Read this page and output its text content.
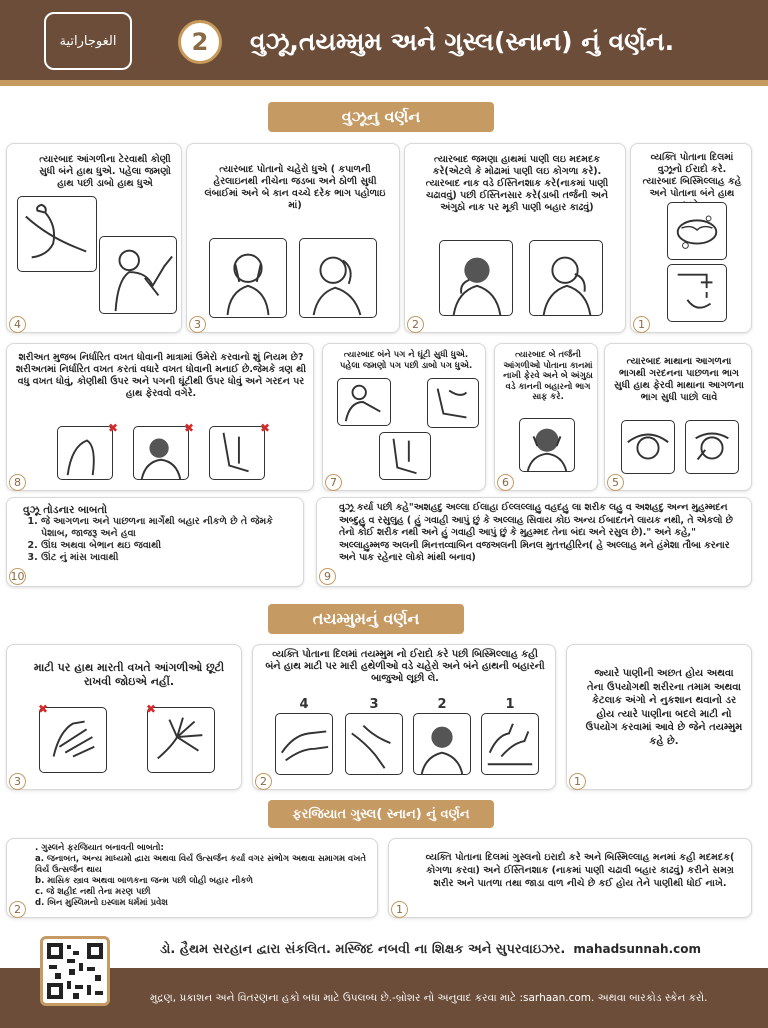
الغوجاراتية	2	વુઝૂ,તયમ્મુમ અને ગુસ્લ(સ્નાન) નું વર્ણન.
વુઝૂનુ વર્ણન
ત્યારબાદ આંગળીના ટેરવાથી કોણી સુધી બંને હાથ ધુએ. પહેલા જમણો હાથ પછી ડાબો હાથ ધુએ
4
ત્યારબાદ પોતાનો ચહેરો ધુએ ( કપાળની હેરલાઇનથી નીચેના જડબા અને ઠોળી સુધી લંબાઈમાં અને બે કાન વચ્ચે દરેક ભાગ પહોળાઇ માં)
3
ત્યારબાદ જમણા હાથમાં પાણી લઇ મદમદક કરે(એટલે કે મોઢામાં પાણી લઇ કોગળા કરે). ત્યારબાદ નાક વડે ઈસ્તિનશાક કરે(નાકમાં પાણી ચઢાવવું) પછી ઈસ્તિનસાર કરે(ડાબી તર્જની અને અંગુઠો નાક પર મૂકી પાણી બહાર કાઢવું)
2
વ્યક્તિ પોતાના દિલમાં વુઝૂનો ઈરાદો કરે. ત્યારબાદ બિસ્મિલ્લાહ કહે અને પોતાના બંને હાથ
1
શરીઅત મુજબ નિર્ધારિત વખત ધોવાની માત્રામાં ઉમેરો કરવાનો શું નિયમ છે? શરીઅતમાં નિર્ધારિત વખત કરતાં વધારે વખત ધોવાની મનાઈ છે.જેમકે ત્રણ થી વધુ વખત ધોવું, કોણીથી ઉપર અને પગની ઘૂંટીથી ઉપર ધોવું અને ગરદન પર હાથ ફેરવવો વગેરે.
✖	✖	✖
8
ત્યારબાદ બંને પગ ને ઘૂંટી સુધી ધુએ. પહેલા જમણો પગ પછી ડાબો પગ ધુએ.
7
ત્યારબાદ બે તર્જની આંગળીઓ પોતાના કાનમાં નાખી ફેરવે અને બે અંગુઠા વડે કાનની બહારનો ભાગ સાફ કરે.
6
ત્યારબાદ માથાના આગળના ભાગથી ગરદનના પાછળના ભાગ સુધી હાથ ફેરવી માથાના આગળના ભાગ સુધી પાછો લાવે
5
વુઝૂ તોડનાર બાબતો
1. જે આગળના અને પાછળના માર્ગેથી બહાર નીકળે છે તે જેમકે પેશાબ, જાજરૂ અને હવા
2. ઊંઘ અથવા બેભાન થઇ જવાથી
3. ઊંટ નું માંસ ખાવાથી
10
વુઝૂ કર્યા પછી કહે"અશહદુ અલ્લા ઈલાહા ઈલ્લલ્લાહુ વહદહુ લા શરીક લહુ વ અશહદુ અન્ન મુહમ્મદન અબ્દુહુ વ રસુલુહ ( હું ગવાહી આપું છું કે અલ્લાહ સિવાય કોઇ અન્ય ઈબાદતને લાયક નથી, તે એકલો છે તેનો કોઈ શરીક નથી અને હું ગવાહી આપું છું કે મુહમ્મદ તેના બંદા અને રસુલ છે)." અને કહે," અલ્લાહુમ્મજ અલની મિનત્તવ્વાબિન વજઅલની મિનલ મુતત્તહીરિન( હે અલ્લાહ મને હંમેશા તૌબા કરનાર અને પાક રહેનાર લોકો માંથી બનાવ)
9
તયમ્મુમનું વર્ણન
માટી પર હાથ મારતી વખતે આંગળીઓ છૂટી રાખવી જોઇએ નહીં.
✖	✖
3
વ્યક્તિ પોતાના દિલમાં તયમ્મુમ નો ઈરાદો કરે પછી બિસ્મિલ્લાહ કહી બંને હાથ માટી પર મારી હથેળીઓ વડે ચહેરો અને બંને હાથની બહારની બાજુઓ લૂછી લે.
4	3	2	1
2
જ્યારે પાણીની અછત હોય અથવા તેના ઉપયોગથી શરીરના તમામ અથવા કેટલાક અંગો ને નુકશાન થવાનો ડર હોય ત્યારે પાણીના બદલે માટી નો ઉપયોગ કરવામાં આવે છે જેને તયમ્મુમ કહે છે.
1
ફરજિયાત ગુસ્લ( સ્નાન) નું વર્ણન
. ગુસ્લને ફરજિયાત બનાવતી બાબતો:
a. જનાબત, અન્ય માધ્યમો દ્વારા અથવા વિર્ય ઉત્સર્જન કર્યા વગર સંભોગ અથવા સમાગમ વખતે વિર્ય ઉત્સર્જન થાય
b. માસિક સ્ત્રાવ અથવા બાળકના જન્મ પછી લોહી બહાર નીકળે
c. જે શહીદ નથી તેના મરણ પછી
d. બિન મુસ્લિમનો ઇસ્લામ ધર્મમાં પ્રવેશ
2
વ્યક્તિ પોતાના દિલમાં ગુસ્લનો ઇરાદો કરે અને બિસ્મિલ્લાહ મનમાં કહી મદમદક( કોગળા કરવા) અને ઈસ્તિનશાક (નાકમાં પાણી ચઢાવી બહાર કાઢવું) કરીને સમગ્ર શરીર અને પાતળા તથા જાડા વાળ નીચે છે કઈ હોય તેને પાણીથી ધોઈ નાખે.
1
ડો. હૈથમ સરહાન દ્વારા સંકલિત. મસ્જિદ નબવી ના શિક્ષક અને સુપરવાઇઝર. mahadsunnah.com
મુદ્રણ, પ્રકાશન અને વિતરણના હકો બધા માટે ઉપલબ્ધ છે.-બ્રોશર નો અનુવાદ કરવા માટે :sarhaan.com. અથવા બારકોડ સ્કેન કરો.
